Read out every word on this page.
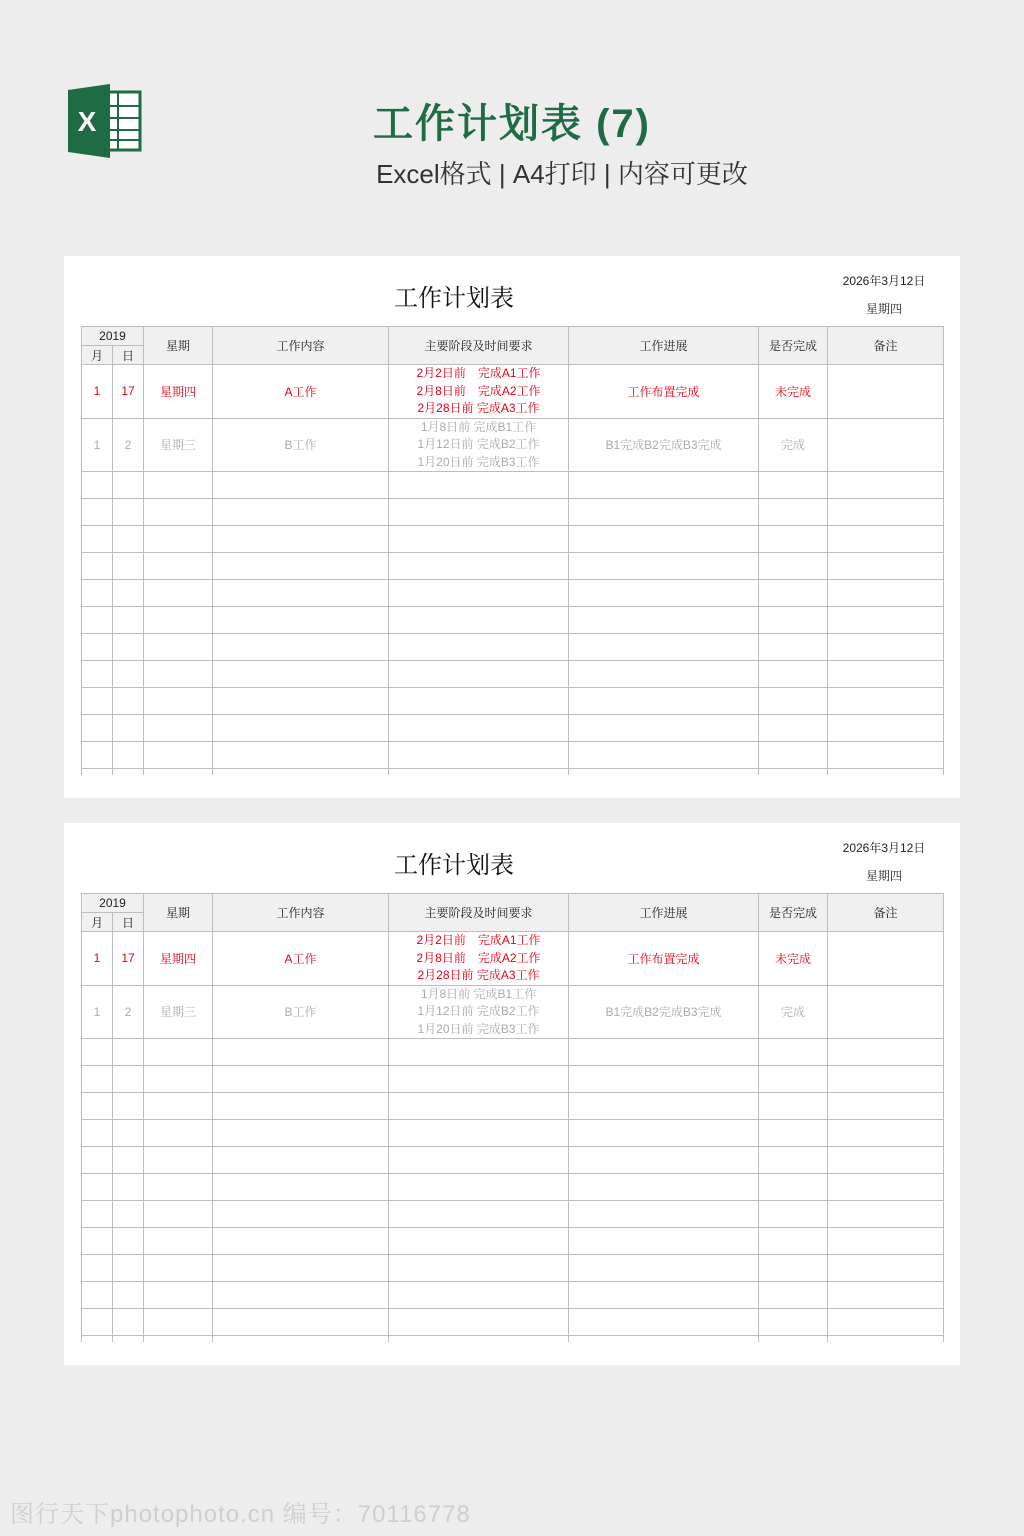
X	工作计划表 (7)
Excel格式 | A4打印 | 内容可更改
工作计划表
2026年3月12日
星期四
2019		星期	工作内容	主要阶段及时间要求	工作进展	是否完成	备注
月	日						
1	17	星期四	A工作	2月2日前　完成A1工作
2月8日前　完成A2工作
2月28日前 完成A3工作	工作布置完成	未完成	
1	2	星期三	B工作	1月8日前 完成B1工作
1月12日前 完成B2工作
1月20日前 完成B3工作	B1完成B2完成B3完成	完成	

工作计划表
2026年3月12日
星期四
2019		星期	工作内容	主要阶段及时间要求	工作进展	是否完成	备注
月	日						
1	17	星期四	A工作	2月2日前　完成A1工作
2月8日前　完成A2工作
2月28日前 完成A3工作	工作布置完成	未完成	
1	2	星期三	B工作	1月8日前 完成B1工作
1月12日前 完成B2工作
1月20日前 完成B3工作	B1完成B2完成B3完成	完成	

图行天下photophoto.cn 编号：70116778
